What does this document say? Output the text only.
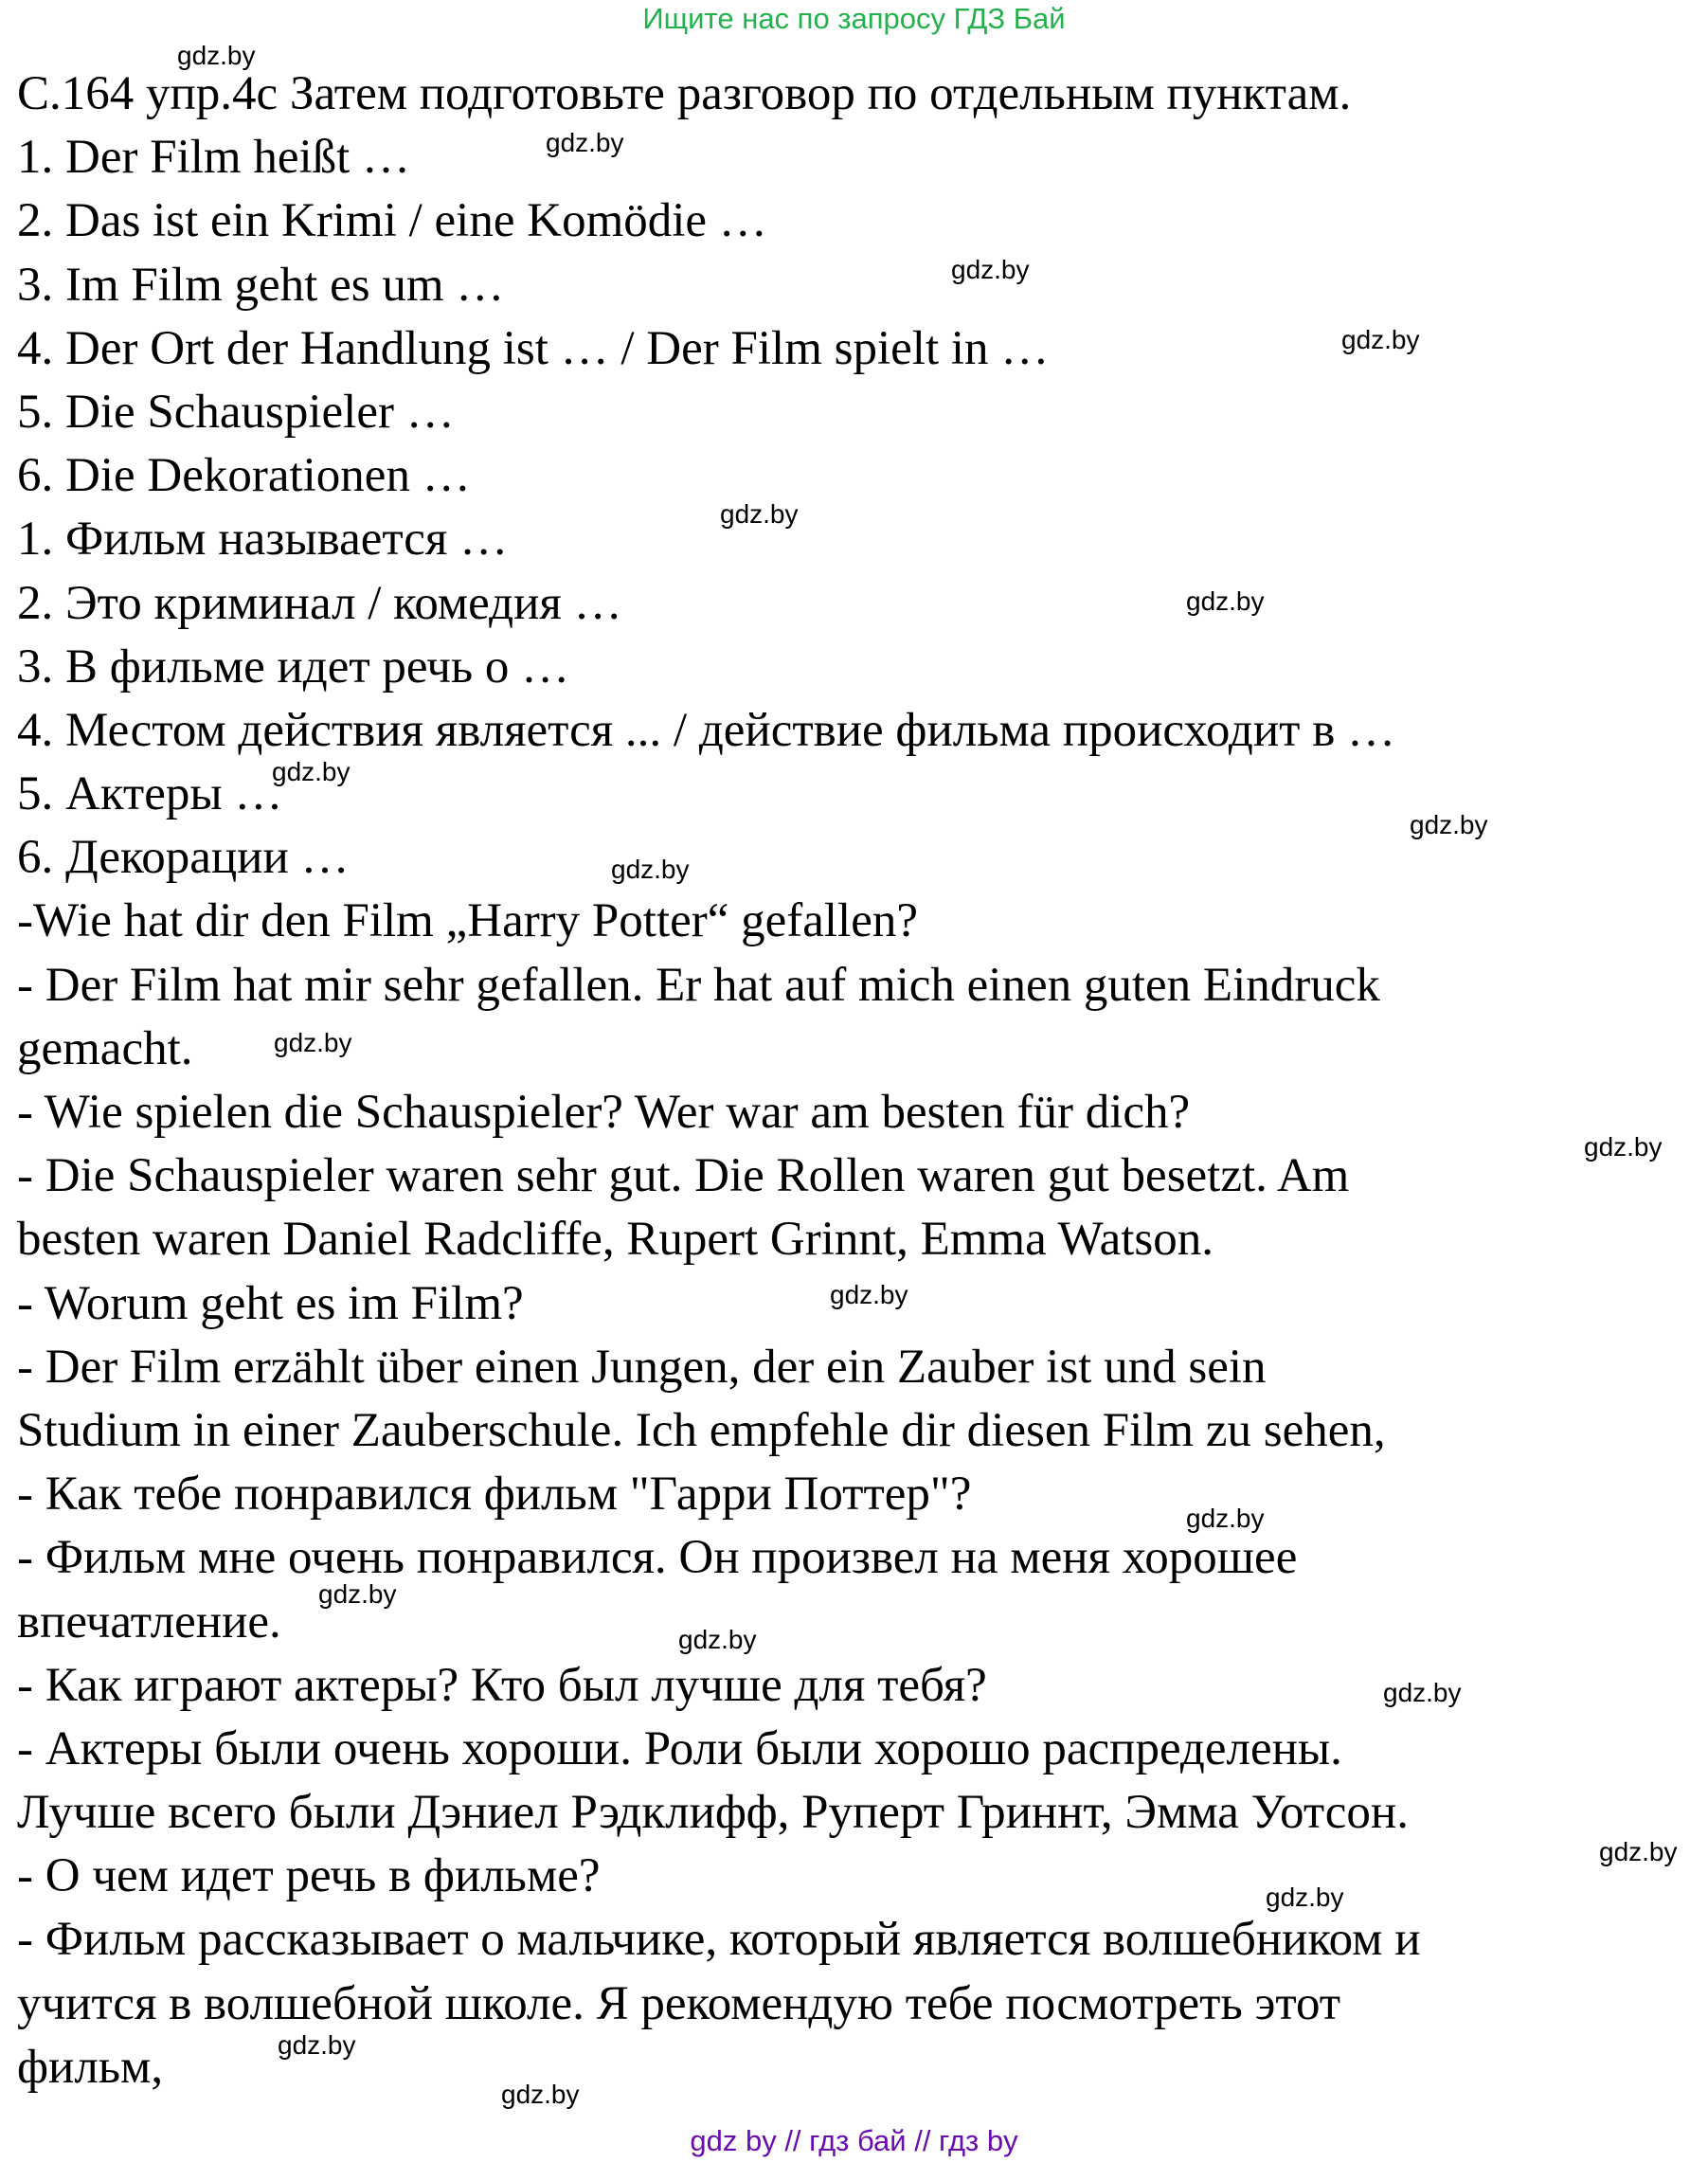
Ищите нас по запросу ГДЗ Бай
С.164 упр.4с Затем подготовьте разговор по отдельным пунктам.
1. Der Film heißt …
2. Das ist ein Krimi / eine Komödie …
3. Im Film geht es um …
4. Der Ort der Handlung ist … / Der Film spielt in …
5. Die Schauspieler …
6. Die Dekorationen …
1. Фильм называется …
2. Это криминал / комедия …
3. В фильме идет речь о …
4. Местом действия является ... / действие фильма происходит в …
5. Актеры …
6. Декорации …
-Wie hat dir den Film „Harry Potter“ gefallen?
- Der Film hat mir sehr gefallen. Er hat auf mich einen guten Eindruck
gemacht.
- Wie spielen die Schauspieler? Wer war am besten für dich?
- Die Schauspieler waren sehr gut. Die Rollen waren gut besetzt. Am
besten waren Daniel Radcliffe, Rupert Grinnt, Emma Watson.
- Worum geht es im Film?
- Der Film erzählt über einen Jungen, der ein Zauber ist und sein
Studium in einer Zauberschule. Ich empfehle dir diesen Film zu sehen,
- Как тебе понравился фильм "Гарри Поттер"?
- Фильм мне очень понравился. Он произвел на меня хорошее
впечатление.
- Как играют актеры? Кто был лучше для тебя?
- Актеры были очень хороши. Роли были хорошо распределены.
Лучше всего были Дэниел Рэдклифф, Руперт Гриннт, Эмма Уотсон.
- О чем идет речь в фильме?
- Фильм рассказывает о мальчике, который является волшебником и
учится в волшебной школе. Я рекомендую тебе посмотреть этот
фильм,
gdz.by
gdz.by
gdz.by
gdz.by
gdz.by
gdz.by
gdz.by
gdz.by
gdz.by
gdz.by
gdz.by
gdz.by
gdz.by
gdz.by
gdz.by
gdz.by
gdz.by
gdz.by
gdz.by
gdz.by
gdz by // гдз бай // гдз by
